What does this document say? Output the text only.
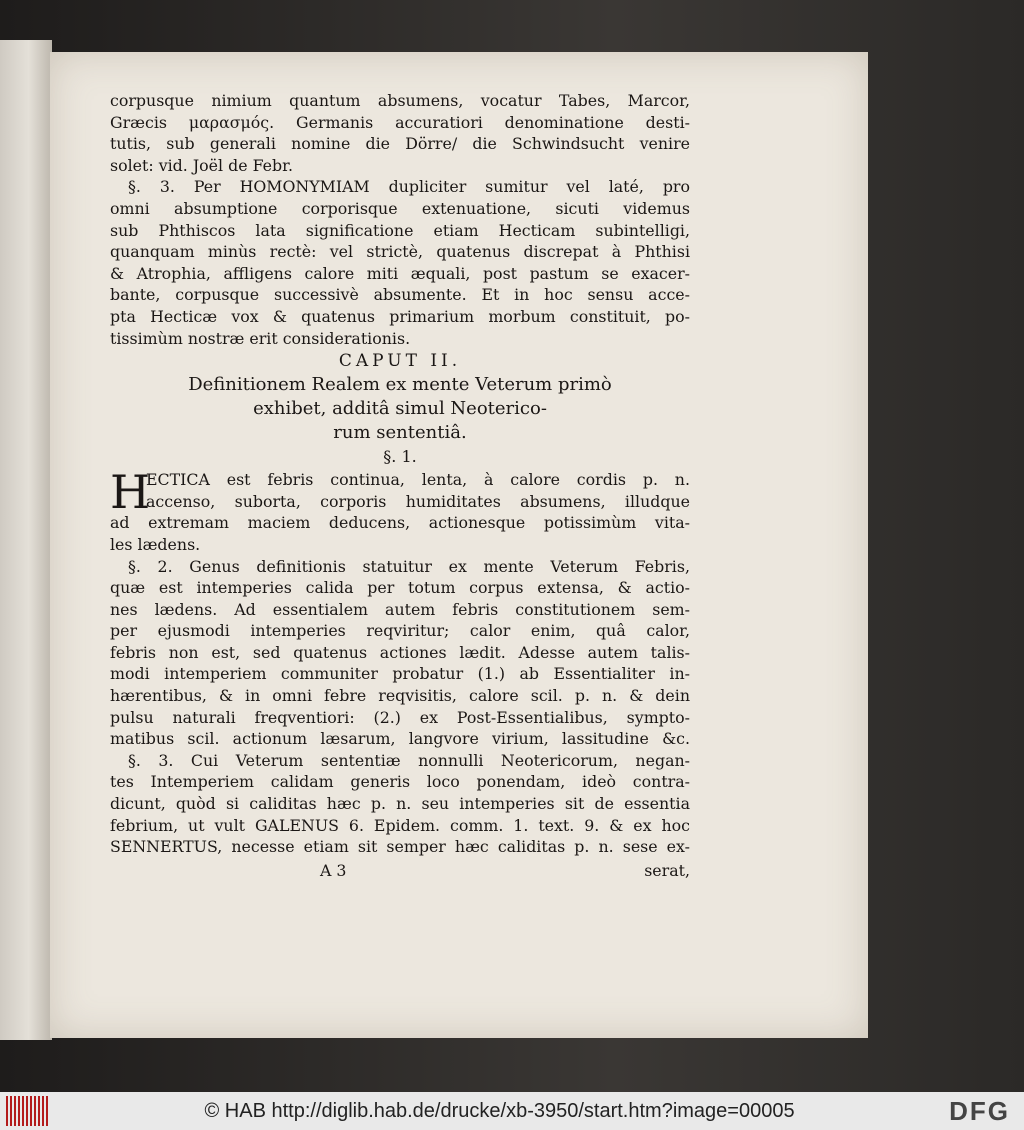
corpusque nimium quantum absumens, vocatur Tabes, Marcor,
Græcis μαρασμός. Germanis accuratiori denominatione desti-
tutis, sub generali nomine die Dörre/ die Schwindsucht venire
solet: vid. Joël de Febr.
§. 3. Per HOMONYMIAM dupliciter sumitur vel laté, pro
omni absumptione corporisque extenuatione, sicuti videmus
sub Phthiscos lata significatione etiam Hecticam subintelligi,
quanquam minùs rectè: vel strictè, quatenus discrepat à Phthisi
& Atrophia, affligens calore miti æquali, post pastum se exacer-
bante, corpusque successivè absumente. Et in hoc sensu acce-
pta Hecticæ vox & quatenus primarium morbum constituit, po-
tissimùm nostræ erit considerationis.
CAPUT II.
Definitionem Realem ex mente Veterum primò
exhibet, additâ simul Neoterico-
rum sententiâ.
§. 1.
H
ECTICA est febris continua, lenta, à calore cordis p. n.
accenso, suborta, corporis humiditates absumens, illudque
ad extremam maciem deducens, actionesque potissimùm vita-
les lædens.
§. 2. Genus definitionis statuitur ex mente Veterum Febris,
quæ est intemperies calida per totum corpus extensa, & actio-
nes lædens. Ad essentialem autem febris constitutionem sem-
per ejusmodi intemperies reqviritur; calor enim, quâ calor,
febris non est, sed quatenus actiones lædit. Adesse autem talis-
modi intemperiem communiter probatur (1.) ab Essentialiter in-
hærentibus, & in omni febre reqvisitis, calore scil. p. n. & dein
pulsu naturali freqventiori: (2.) ex Post-Essentialibus, sympto-
matibus scil. actionum læsarum, langvore virium, lassitudine &c.
§. 3. Cui Veterum sententiæ nonnulli Neotericorum, negan-
tes Intemperiem calidam generis loco ponendam, ideò contra-
dicunt, quòd si caliditas hæc p. n. seu intemperies sit de essentia
febrium, ut vult GALENUS 6. Epidem. comm. 1. text. 9. & ex hoc
SENNERTUS, necesse etiam sit semper hæc caliditas p. n. sese ex-
A 3	serat,
© HAB http://diglib.hab.de/drucke/xb-3950/start.htm?image=00005	DFG
